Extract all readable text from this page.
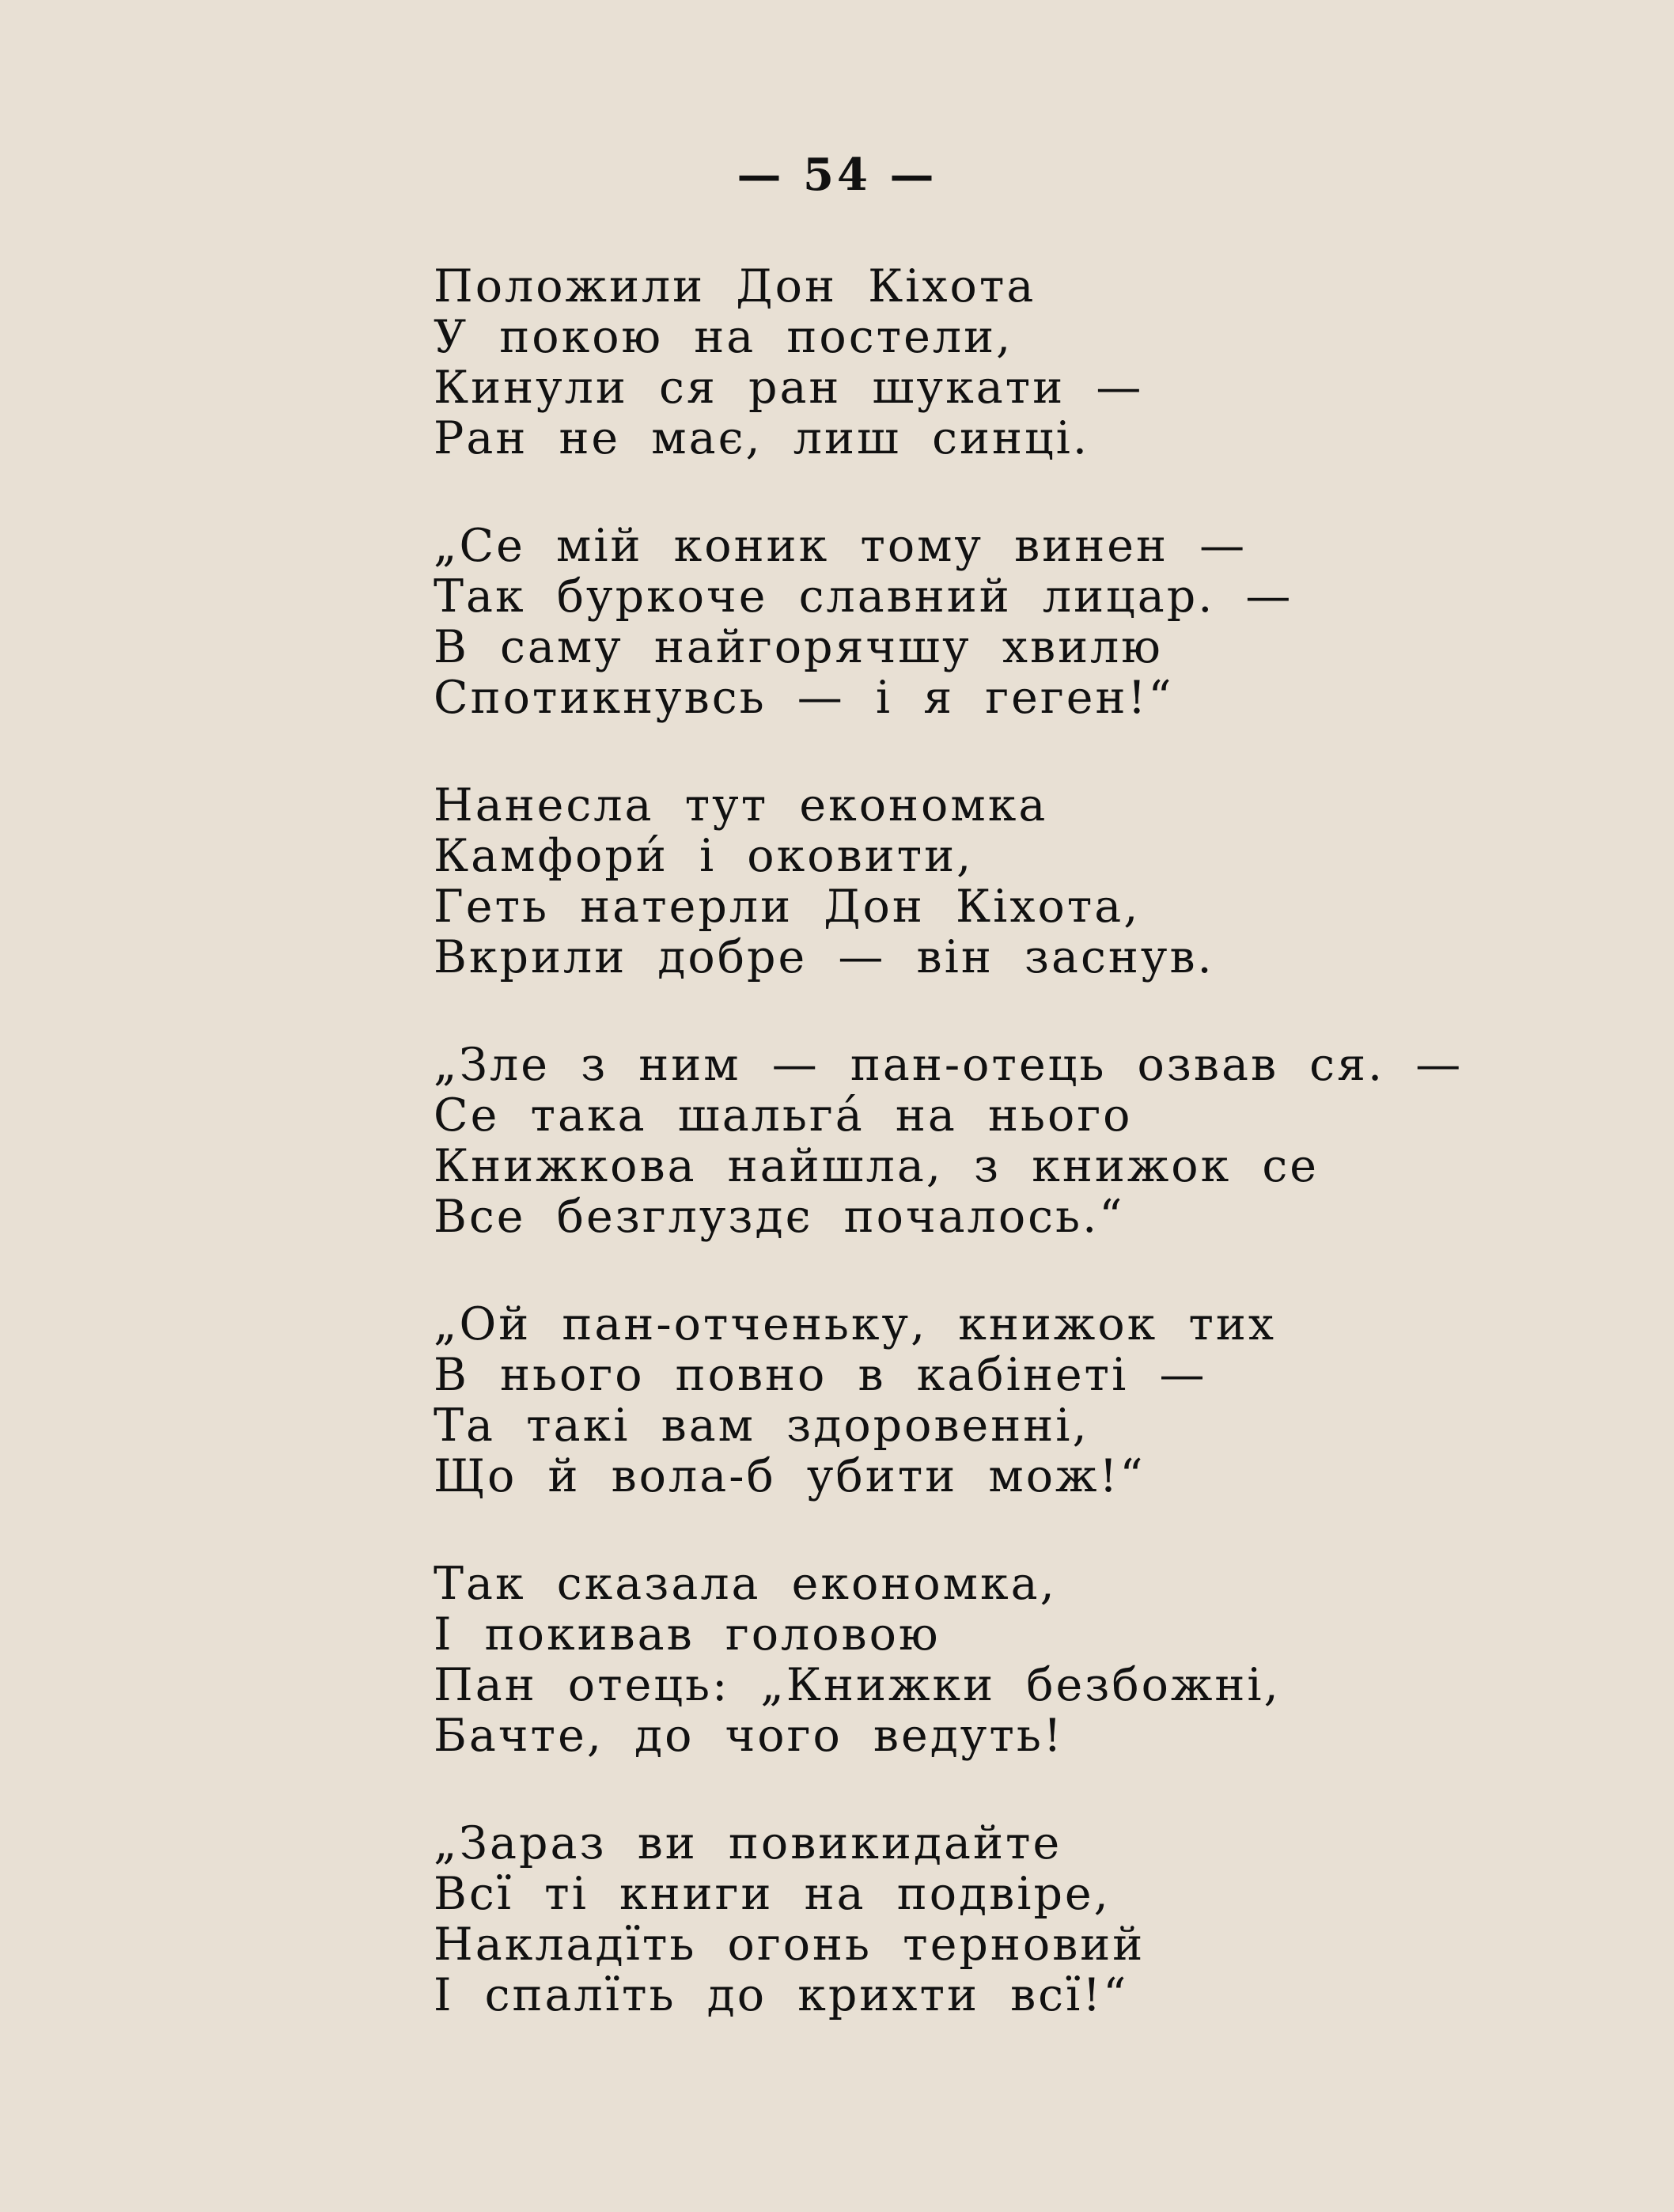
— 54 —
Положили Дон Кіхота
У покою на постели,
Кинули ся ран шукати —
Ран не має, лиш синці.
„Се мій коник тому винен —
Так буркоче славний лицар. —
В саму найгорячшу хвилю
Спотикнувсь — і я геген!“
Нанесла тут економка
Камфори́ і оковити,
Геть натерли Дон Кіхота,
Вкрили добре — він заснув.
„Зле з ним — пан-отець озвав ся. —
Се така шальга́ на нього
Книжкова найшла, з книжок се
Все безглуздє почалось.“
„Ой пан-отченьку, книжок тих
В нього повно в кабінеті —
Та такі вам здоровенні,
Що й вола-б убити мож!“
Так сказала економка,
І покивав головою
Пан отець: „Книжки безбожні,
Бачте, до чого ведуть!
„Зараз ви повикидайте
Всї ті книги на подвіре,
Накладїть огонь терновий
І спалїть до крихти всї!“
